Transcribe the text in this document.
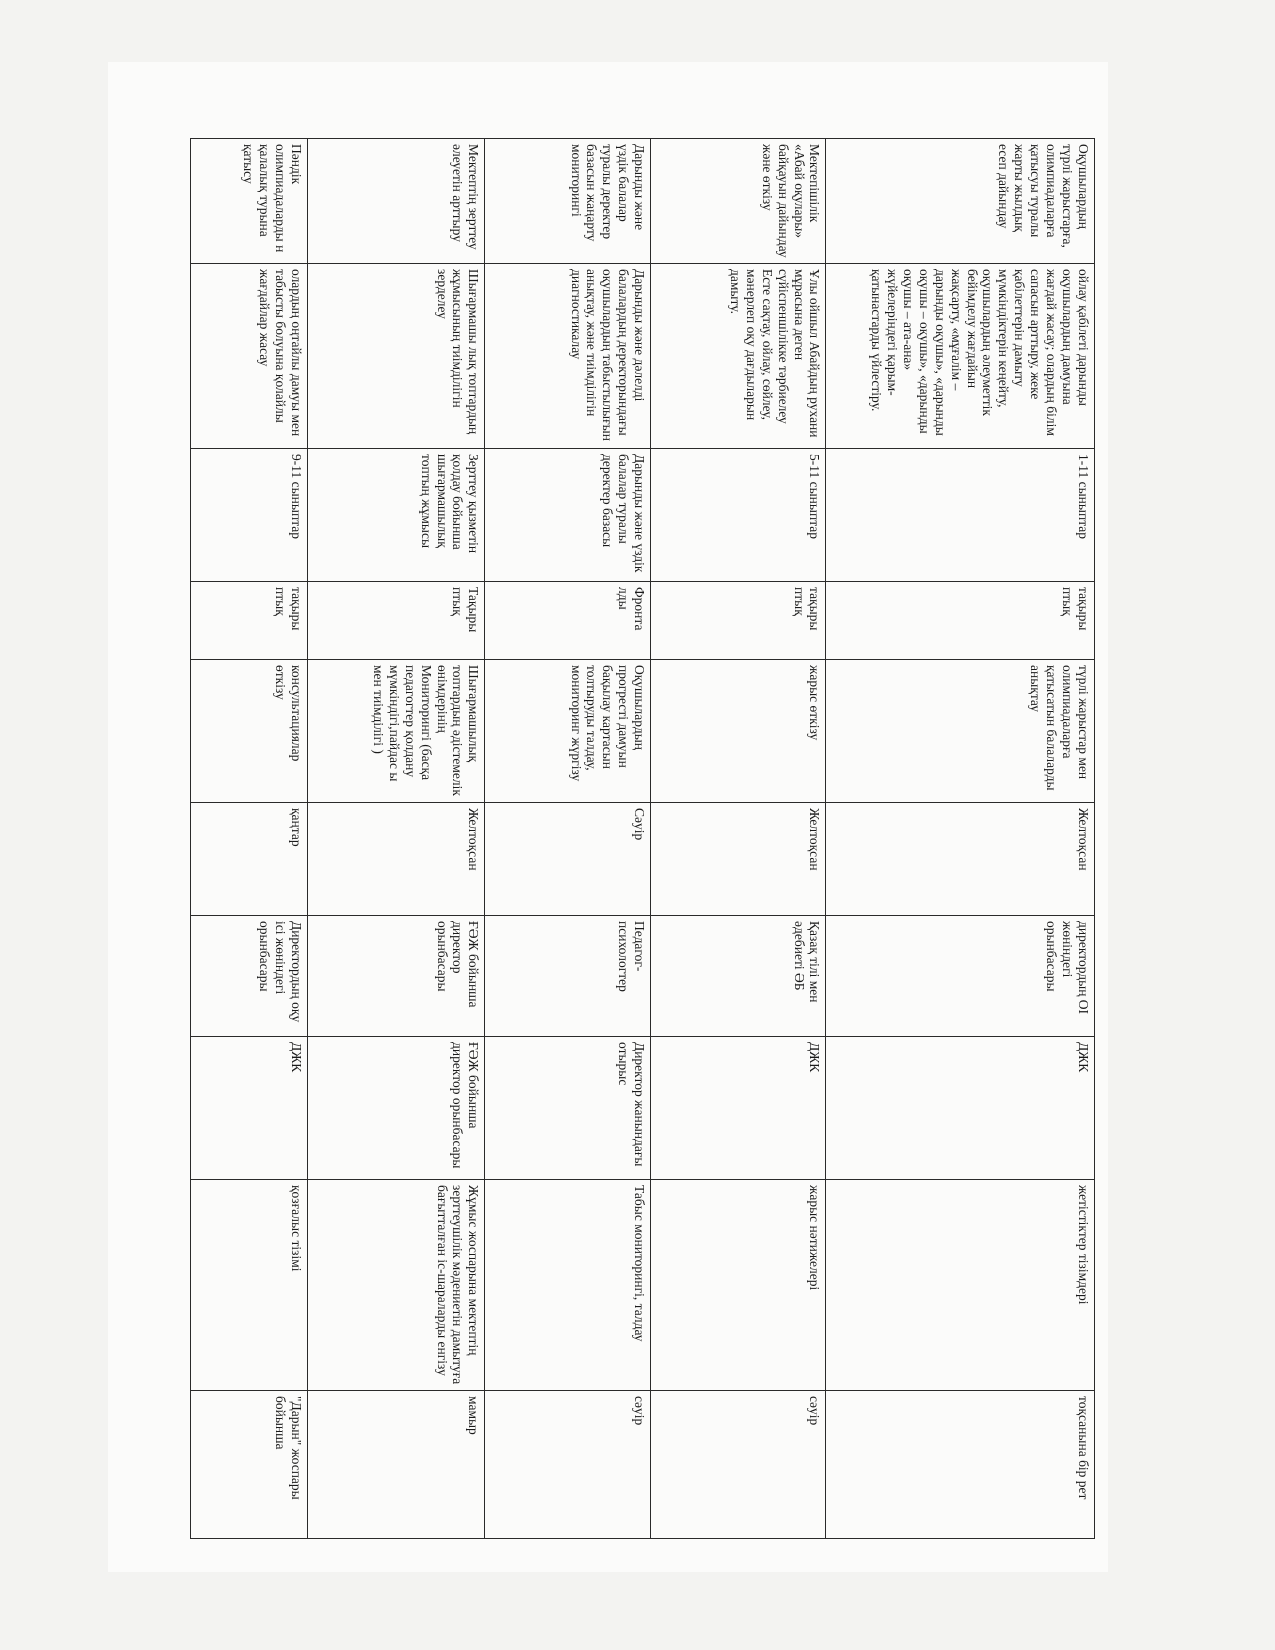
Оқушылардың түрлі жарыстарға, олимпиадаларға қатысуы туралы жарты жылдық есеп дайындау	ойлау қабілеті дарынды оқушылардың дамуына жағдай жасау; олардың білім сапасын арттыру, жеке қабілеттерін дамыту мүмкіндіктерін кеңейту, оқушылардың әлеуметтік бейімделу жағдайын жақсарту, «мұғалім – дарынды оқушы», «дарынды оқушы – оқушы», «дарынды оқушы – ата-ана» жүйелеріндегі қарым-қатынастарды үйлестіру.	1-11 сыныптар	тақыры птық	түрлі жарыстар мен олимпиадаларға қатысатын балаларды анықтау	Желтоқсан	директордың ОІ жөніндегі орынбасары	ДЖК	жетістіктер тізімдері	тоқсанына бір рет
Мектепішілік «Абай оқулары» байқауын дайындау және өткізу	Ұлы ойшыл Абайдың рухани мұрасына деген сүйіспеншілікке тәрбиелеу Есте сақтау, ойлау, сөйлеу, мәнерлеп оқу дағдыларын дамыту.	5-11 сыныптар	тақыры птық	жарыс өткізу	Желтоқсан	Қазақ тілі мен әдебиеті ӘБ	ДЖК	жарыс нәтижелері	сәуір
Дарынды және үздік балалар туралы деректер базасын жаңарту мониторингі	Дарынды және дәлелді балалардың деректорындағы оқушылардың табыстылығын анықтау, және тиімділігін диагностикалау	Дарынды және үздік балалар туралы деректер базасы	Фронта лды	Оқушылардың прогресті дамуын бақылау картасын толтыруды талдау, мониторинг жүргізу	Сәуір	Педагог-психологтер	Директор жанындағы отырыс	Табыс мониторингі, талдау	сәуір
Мектептің зерттеу әлеуетін арттыру	Шығармашы лық топтардың жұмысының тиімділігін зерделеу	Зерттеу қызметін қолдау бойынша шығармашылық топтың жұмысы	Тақыры птық	Шығармашылық топтардың әдістемелік өнімдерінің Мониторингі (басқа педагогтер қолдану мүмкіндігі,пайдас ы мен тиімділігі )	Желтоқсан	ҒӘЖ бойынша директор орынбасары	ҒӘЖ бойынша директор орынбасары	Жұмыс жоспарына мектептің зерттеушілік мәдениетін дамытуға бағытталған іс-шараларды енгізу	мамыр
Пәндік олимпиадаларды н қалалық турына қатысу	олардың оңтайлы дамуы мен табысты болуына қолайлы жағдайлар жасау	9-11 сыныптар	тақыры птық	консультациялар өткізу	қаңтар	Директордың оқу ісі жөніндегі орынбасары	ДЖК	қозғалыс тізімі	"Дарын" жоспары бойынша
